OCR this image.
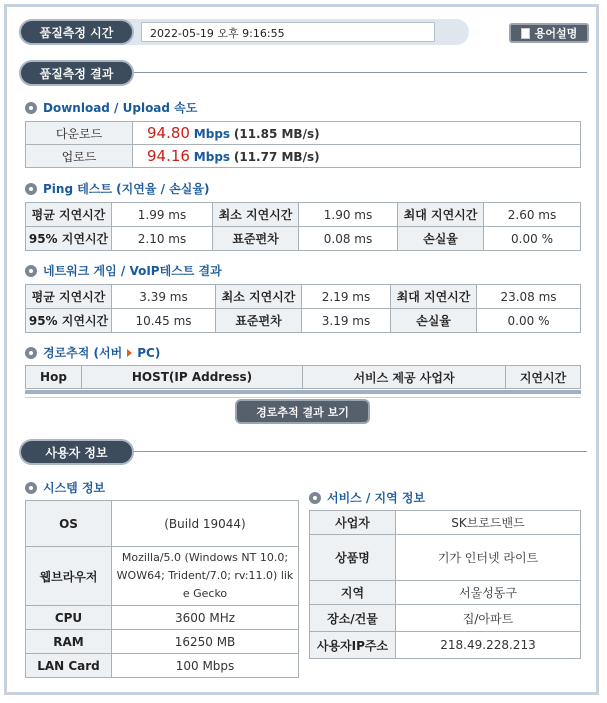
품질측정 시간	2022-05-19 오후 9:16:55	용어설명
품질측정 결과
Download / Upload 속도
다운로드	94.80 Mbps (11.85 MB/s)
업로드	94.16 Mbps (11.77 MB/s)
Ping 테스트 (지연율 / 손실율)
평균 지연시간	1.99 ms	최소 지연시간	1.90 ms	최대 지연시간	2.60 ms
95% 지연시간	2.10 ms	표준편차	0.08 ms	손실율	0.00 %
네트워크 게임 / VoIP테스트 결과
평균 지연시간	3.39 ms	최소 지연시간	2.19 ms	최대 지연시간	23.08 ms
95% 지연시간	10.45 ms	표준편차	3.19 ms	손실율	0.00 %
경로추적 (서버 PC)
Hop	HOST(IP Address)	서비스 제공 사업자	지연시간
경로추적 결과 보기
사용자 정보
시스템 정보
OS	(Build 19044)
웹브라우저	Mozilla/5.0 (Windows NT 10.0; WOW64; Trident/7.0; rv:11.0) like Gecko
CPU	3600 MHz
RAM	16250 MB
LAN Card	100 Mbps
서비스 / 지역 정보
사업자	SK브로드밴드
상품명	기가 인터넷 라이트
지역	서울성동구
장소/건물	집/아파트
사용자IP주소	218.49.228.213
